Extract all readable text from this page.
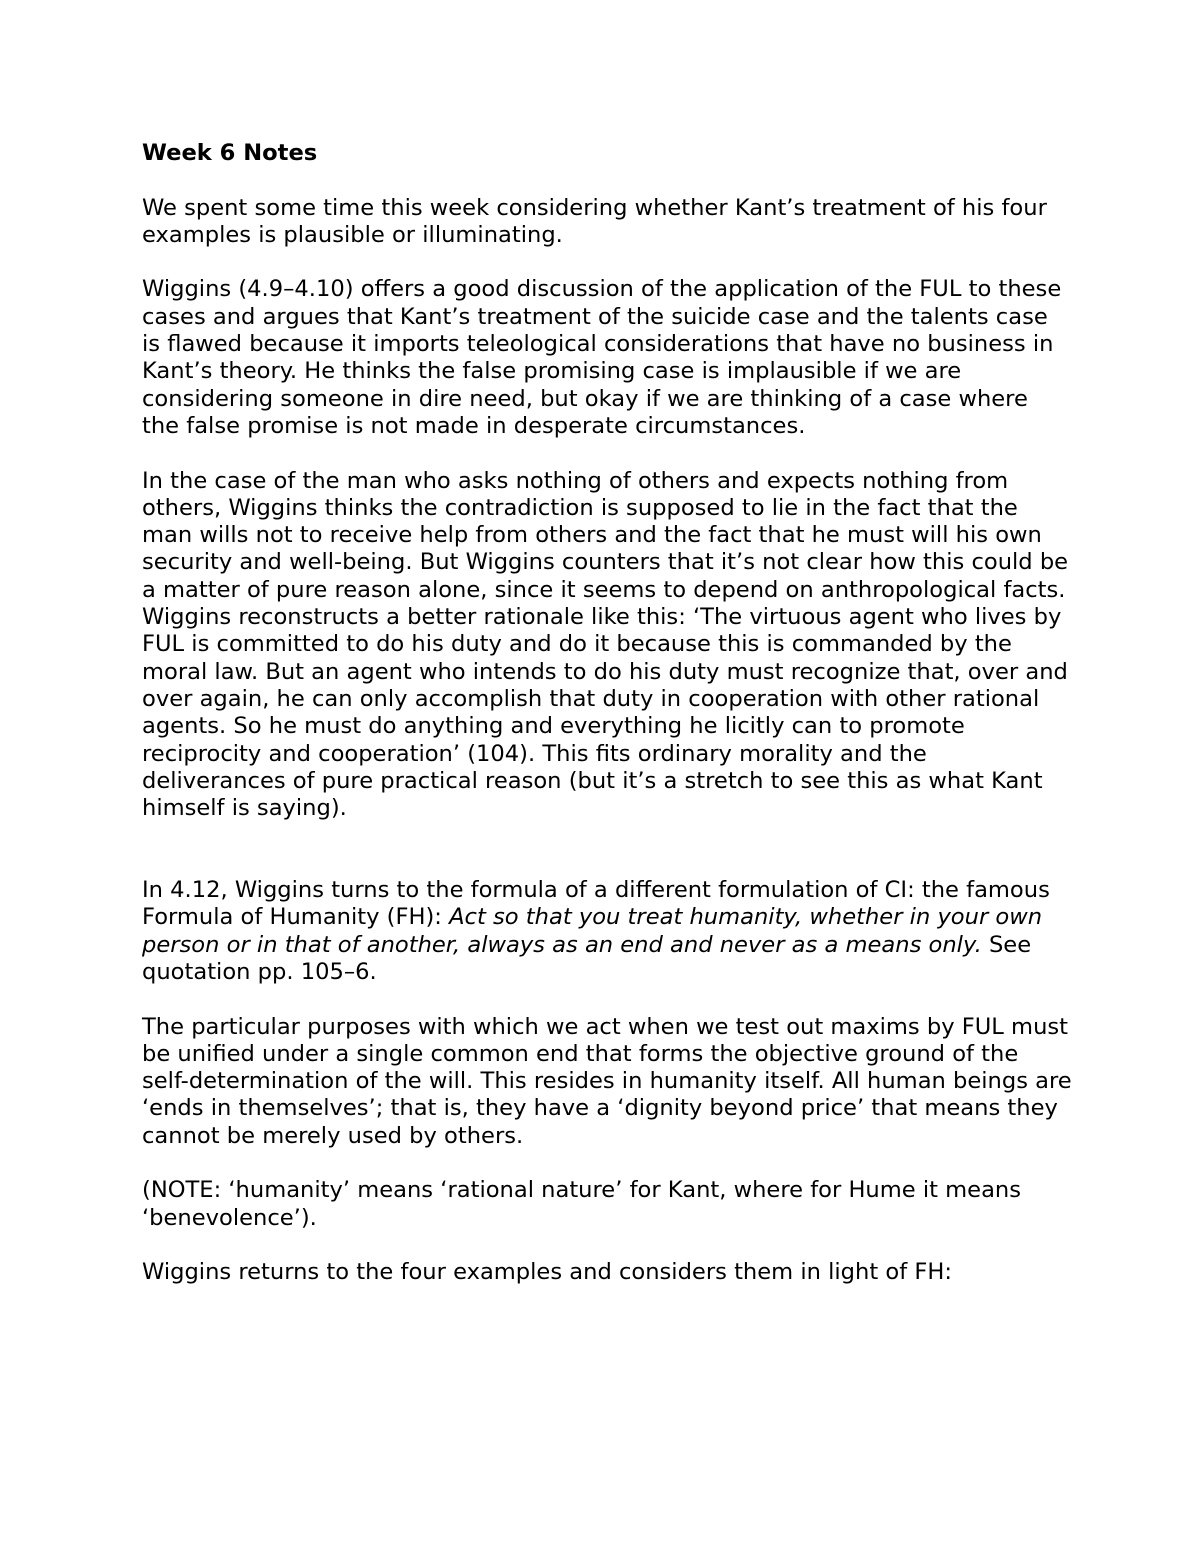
Week 6 Notes

We spent some time this week considering whether Kant’s treatment of his four examples is plausible or illuminating.

Wiggins (4.9–4.10) offers a good discussion of the application of the FUL to these cases and argues that Kant’s treatment of the suicide case and the talents case is flawed because it imports teleological considerations that have no business in Kant’s theory. He thinks the false promising case is implausible if we are considering someone in dire need, but okay if we are thinking of a case where the false promise is not made in desperate circumstances.

In the case of the man who asks nothing of others and expects nothing from others, Wiggins thinks the contradiction is supposed to lie in the fact that the man wills not to receive help from others and the fact that he must will his own security and well-being. But Wiggins counters that it’s not clear how this could be a matter of pure reason alone, since it seems to depend on anthropological facts. Wiggins reconstructs a better rationale like this: ‘The virtuous agent who lives by FUL is committed to do his duty and do it because this is commanded by the moral law. But an agent who intends to do his duty must recognize that, over and over again, he can only accomplish that duty in cooperation with other rational agents. So he must do anything and everything he licitly can to promote reciprocity and cooperation’ (104). This fits ordinary morality and the deliverances of pure practical reason (but it’s a stretch to see this as what Kant himself is saying).

In 4.12, Wiggins turns to the formula of a different formulation of CI: the famous Formula of Humanity (FH): Act so that you treat humanity, whether in your own person or in that of another, always as an end and never as a means only. See quotation pp. 105–6.

The particular purposes with which we act when we test out maxims by FUL must be unified under a single common end that forms the objective ground of the self-determination of the will. This resides in humanity itself. All human beings are ‘ends in themselves’; that is, they have a ‘dignity beyond price’ that means they cannot be merely used by others.

(NOTE: ‘humanity’ means ‘rational nature’ for Kant, where for Hume it means ‘benevolence’).

Wiggins returns to the four examples and considers them in light of FH:
